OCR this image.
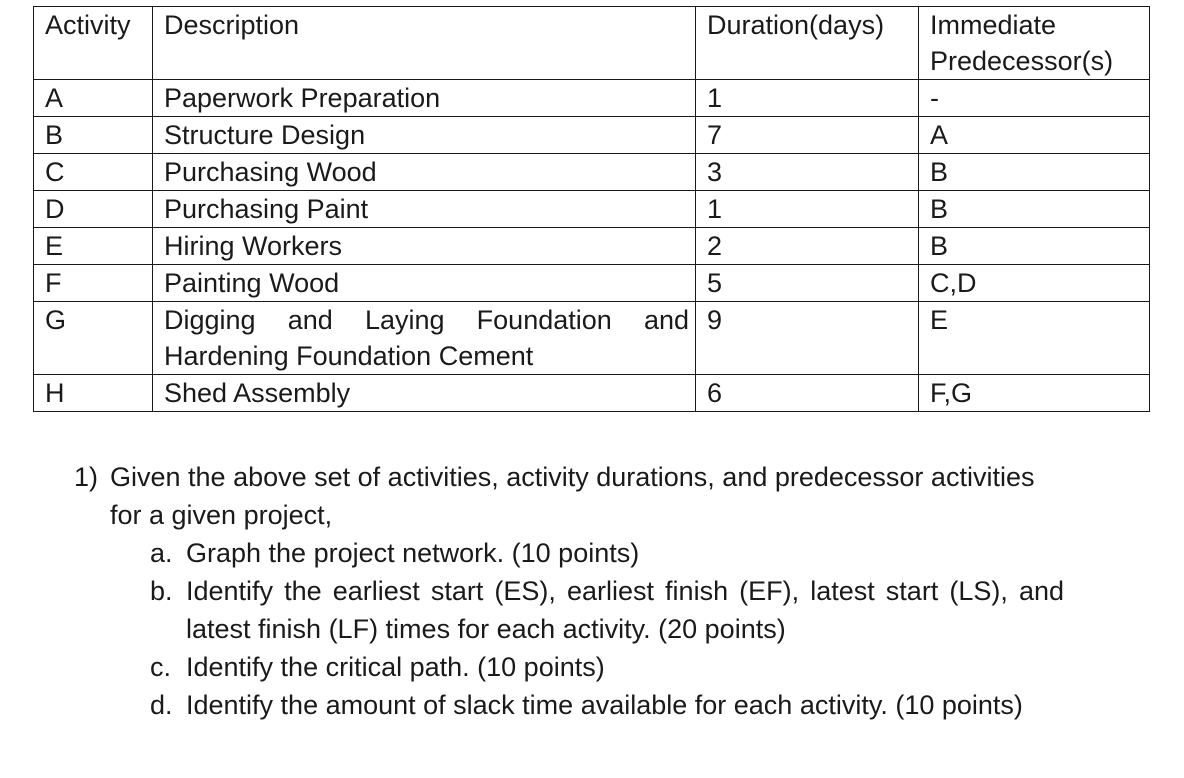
Activity	Description	Duration(days)	Immediate Predecessor(s)
A	Paperwork Preparation	1	-
B	Structure Design	7	A
C	Purchasing Wood	3	B
D	Purchasing Paint	1	B
E	Hiring Workers	2	B
F	Painting Wood	5	C,D
G	Digging and Laying Foundation and Hardening Foundation Cement	9	E
H	Shed Assembly	6	F,G
1) Given the above set of activities, activity durations, and predecessor activities for a given project,
a. Graph the project network. (10 points)
b. Identify the earliest start (ES), earliest finish (EF), latest start (LS), and latest finish (LF) times for each activity. (20 points)
c. Identify the critical path. (10 points)
d. Identify the amount of slack time available for each activity. (10 points)
